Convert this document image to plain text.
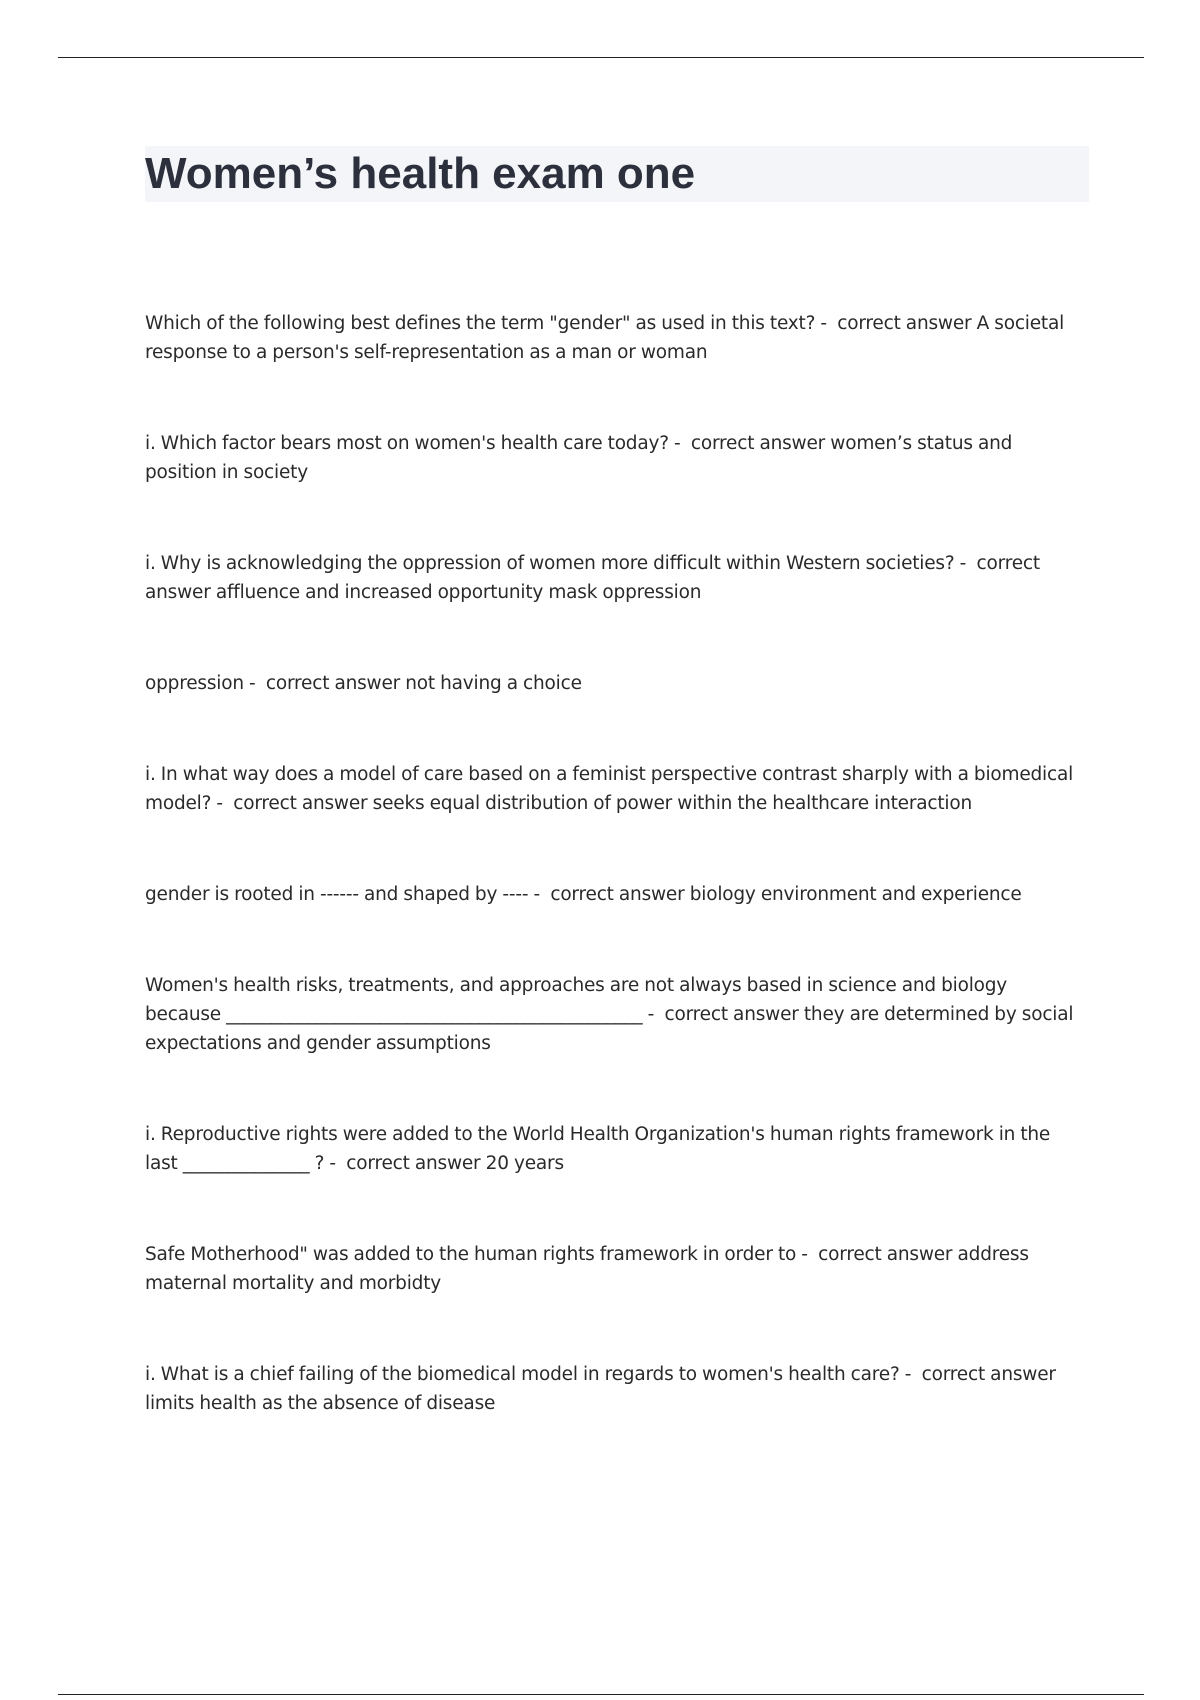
Women’s health exam one

Which of the following best defines the term "gender" as used in this text? -  correct answer A societal response to a person's self-representation as a man or woman

i. Which factor bears most on women's health care today? -  correct answer women’s status and position in society

i. Why is acknowledging the oppression of women more difficult within Western societies? -  correct answer affluence and increased opportunity mask oppression

oppression -  correct answer not having a choice

i. In what way does a model of care based on a feminist perspective contrast sharply with a biomedical model? -  correct answer seeks equal distribution of power within the healthcare interaction

gender is rooted in ------ and shaped by ---- -  correct answer biology environment and experience

Women's health risks, treatments, and approaches are not always based in science and biology because ______________________________________________ -  correct answer they are determined by social expectations and gender assumptions

i. Reproductive rights were added to the World Health Organization's human rights framework in the last ______________ ? -  correct answer 20 years

Safe Motherhood" was added to the human rights framework in order to -  correct answer address maternal mortality and morbidty

i. What is a chief failing of the biomedical model in regards to women's health care? -  correct answer limits health as the absence of disease
